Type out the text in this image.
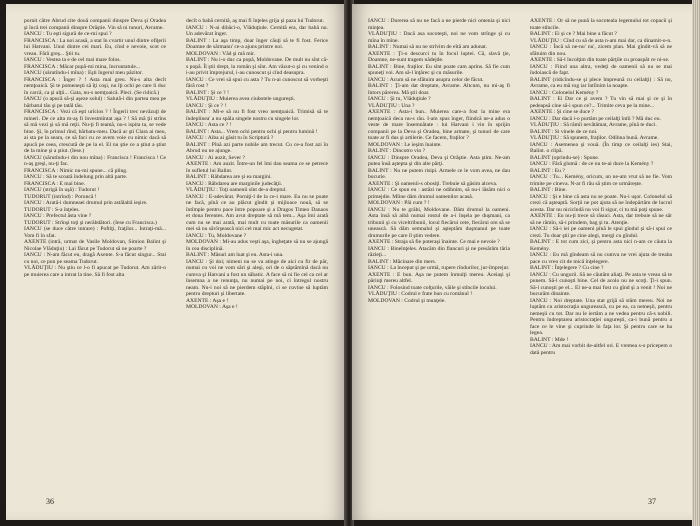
pornit către Abrud cite două companii dinspre Deva şi Oradea şi încă trei companii dinspre Orăştie. Vin să ni tunuri, Avrame.

IANCU : Tu eşti sigură de ce-mi spui ?

FRANCISCA : La noi acasă, a stat în cvartir unul dintre ofiţerii lui Hatvani. Unul dintre cei mari. Eu, cînd e nevoie, scot ce vreau. Fără greş... Ştii tu.

IANCU : Vestea ta e de cel mai mare folos.

FRANCISCA : Măcar pupă-mi mina, încruntatule...

IANCU (sărutîndu-i mîna) : Eşti îngerul meu păzitor.

FRANCISCA : Înger ? ! Asta mai greu. Nu-s alta decît nemţoaică. Şi te pomeneşti să îţi coşi, nu îţi ochi pe care li duc în carcă, ca şi alţii... Gata, nu-s nemţoaică. Pleci. (Se ridică.)

IANCU (o apucă să-şi aşeze solul) : Salută-i din partea mea pe bărbatul tău şi pe tatăl tău.

FRANCISCA : Vezi că eşti urîcios ? ! Îngerii trec nevăzuţi de mineri. De ce alta m-aş fi învestmîntat aşa ? ! Să mă ţii strîns să mă vezi şi să mă reţii. Nu-ţi fi teamă, nu-s ispita ta, se vede bine. Şi, în primul rînd, bărbatu-meu. Dacă ar şti Clara ai meu, ai sta pe la seara, ce să faci cu ce avem voie cu nimic dacă să apucă pe ceea, crescută de pe la el. El nu ştie ce a ştiut a ştiut de la mine şi a ştiut. (Iese.)

IANCU (sărutîndu-i din nou mîna) : Francisca ! Francisca ! Ce n-aş greşi, nu-ţi fac.

FRANCISCA : Nimic nu-mi spune... că pling.

IANCU : Să te scoată îndelung prin altă parte.

FRANCISCA : E mai bine.

IANCU (strigă în uşă) : Tudorut !

TUDORUT (intrînd) : Poruncă !

IANCU : Arată-i dumneaei drumul prin astălaltă ieşire.

TUDORUT : S-a înţeles.

IANCU : Prefectul ăsta vine ?

TUDORUT : Strînşi toţi şi nerăbdători. (Iese cu Francisca.)

IANCU (se duce către intrare) : Poftiţi, fraţilor... Intraţi-mă... Vom fi în sfat.

AXENTE (intră, urmat de Vasile Moldovan, Simion Balint şi Nicolae Vlăduţiu) : Lai făcut pe Tudorut să ne poarte ?

IANCU : N-am făcut eu, dragă Axente. S-a făcut singur... Stai cu noi, ce pun pe seama Tudorut.

VLĂDUŢIU : Nu ştiu ce l-o fi apucat pe Tudorut. Am zărit-o pe muierea care a intrat la tine. Să fi fost alta

decît o babă cernită, aş mai fi înţeles grija şi paza lui Tudorut.

IANCU : N-ai dibăci-o, Vlăduţiule. Cernită era, dar babă nu. Un adevărat înger.

BALINT : La aşa timp, doar înger căuţi să te fi fost. Ferice Doamne de sărmanu' ce-a ajuns printre noi.

MOLDOVAN : Văd şi mă mir.

BALINT : Nu i-o duc ca popă, Moldovane. De mult nu sînt că-s popă. Îl ştii drept, la român şi sînt. Am văzut-o şi cu venind o i-au privit împrejurul, i-au cunoscut şi cînd deasupra.

IANCU : Ce vrei să spui cu asta ? Tu n-ai cunoscut să vorbeşti fără rost ?

BALINT : Şi ce ? !

VLĂDUŢIU : Muierea avea ciubotele ungureşti.

IANCU : Şi ce ? !

BALINT : Mi-e să nu fi fost vreo nemţoaică. Trimisă să te îndeplinea' a nu spăla singele nostru cu singele lor.

IANCU : Asta ce ? !

BALINT : Asta... Vrem ochi pentru ochi şi pentru lumină !

IANCU : Aiba ai găsit tu în Scriptură ?

BALINT : Pînă azi parte nobile am trecut. Cu ce-a fost azi în Abrud nu ne ajunge.

IANCU : Ai auzit, Sever ?

AXENTE : Am auzit. Între-un fel îmi dau seama ce se petrece în sufletul lui Balint.

BALINT : Răbdarea are şi ea margini.

IANCU : Răbdarea are marginile judecăţii.

VLĂDUŢIU : Toţi oamenii sînt de-a dreptul.

IANCU : E-adevărat. Porniţi-l de la ce-i mare. Eu nu se poate ne facă, pînă ce au plăcut gîndit şi mijloace nouă, să se întîmple pentru pace între popoare şi a Dragos Timeo Danaos et dona ferentes. Am avut dreptate să mă tem... Aşa îmi arată cum nu se mai arată, mai mult cu toate măsurile ca oamenii mei să nu săvîrşească nici cel mai mic act necugetat.

IANCU : Tu, Moldovane ?

MOLDOVAN : Mi-au adus veşti aşa, îngheţate să nu se ajungă în cea disciplină.

BALINT : Măsuri am luat şi eu. Asta-i una.

IANCU : Şi doi; nimeni nu se va atinge de aici cu fir de păr, numai cu voi ne vom sări şi aleşi, ori de o săptămînă dacă nu cumva şi Hatvani a fost un săbatic. A face să ni fie cel ca cel ar însemna a ne renunţa, nu numai pe noi, ci întregul nostru neam. Nu-i noi să ne pierdem stăpîni, ci se cuvine să luptăm pentru drepturi şi libertate.

AXENTE : Aşa e !

MOLDOVAN : Aşa e !

36

IANCU : Durerea să nu ne facă a ne pierde nici omenia şi nici minţea.

VLĂDUŢIU : Dacă asa socoteşti, noi ne vom strînge şi cu mîna în mîne.

BALINT : Numai să nu ne strîvim de eîtă am adunat.

AXENTE : Ţi-o descurci tu în focul luptei. Că, slavă ţie, Doamne, ne-sunt tragem nădejde.

BALINT : Bine, fraţilor. Eu sînt poate cam aprins. Să fie cum spuneţi voi. Am să-l înţărec şi cu măsurile.

IANCU : Acum să ne sfătuim asupra celor de făcut.

BALINT : Ţi-am dat dreptate, Avrame. Altcum, nu mi-aş fi întors părerea. Mă ştii doar.

IANCU : Şi tu, Vlăduţiule ?

VLĂDUŢIU : Una ?

AXENTE : Asta-i bun.. Muierea care-a fost la mine era nemţoaică deca nu-s rău. I-am spus înger, fiindcă ne-a adus o veste de mare însemnătate : lui Hatvani i vin în sprijin companii pe la Deva şi Oradea, bine armate, şi tunuri de care toate ar fi dus şi artilerie. Ce facem, fraţilor ?

MOLDOVAN : Le ieşim înainte.

BALINT : Dincotro vin ?

IANCU : Dinspre Oradea, Deva şi Orăştie. Asta ştim. Ne-am putea însă aştepta şi din alte părţi.

BALINT : Nu ne putem risipi. Armele ce le vom avea, ne dau bucurie.

AXENTE : Şi oamenii-s obosiţi. Trebuie să găsim alceva.

IANCU : Ce spun eu : astăzi ne odihnim, să nu-i lăsăm nici o primejdie. Mîine dăm drumul oamenilor acasă.

MOLDOVAN : Păi cum ? !

IANCU : Nu te grăbi, Moldovane. Dăm drumul la oameni. Asta însă să aibă numai rostul de a-i înşela pe duşmani, ca tribunii şi cu viceltribunii, locul fiecărui cete, fiecărui om să se unească. Să dăm semnalul şi aşteptăm duşmanul pe toate drumurile pe care îl ştim vedere.

AXENTE : Straja să fie poteraşi înainte. Ce mai e nevoie ?

IANCU : Bineînţeles. Atacăm din flancuri şi ne presărăm tăria răzleţi...

BALINT : Măcinare din mers.

IANCU : La început şi pe urmă, rupere rîndurilor, jur-împrejur.

AXENTE : E bun. Aşa ne putem înmulţi mereu. Aceiaşi şi părinţi mereu altfel.

IANCU : Folosind toate colţurile, văile şi stîncile locului.

VLĂDUŢIU : Codrul e frate bun cu românul !

MOLDOVAN : Codrul şi munţele.

AXENTE : Or să ne pună la socoteala legemului tot copacii şi toate stîncile.

BALINT : Ei şi ce ? Mai bine a făcut ?

VLĂDUŢIU : Cînd cu să de asta n-am mai dar, ca dinamit-o-n.

IANCU : Încă să ne-nu' nu', zicem plan. Mai gîndit-vă să ne sfătuim din nou.

AXENTE : Să-l încolţim din toate părţile cu proaspăt ce ni-se.

IANCU : Fiind una altra, vedeţi de oamenii să nu se mai îndoiască de fapt.

BALINT (ridicîndu-se şi plece împreună cu ceilalţi) : Să nu, Avrame, ca eu mă rog iar întîlnim la noapte.

IANCU : Colonelul Kemény ?

BALINT : Ei Dar ce şi avem ? Tu vin să mai şi ce şi în pedeapsă cine să-i spun ce?... Trimite ceva pe la mine...

AXENTE : Şi cine se duce ?

IANCU : Dar dacă i-o purtăm pe ceilalţi întîi ? Mă duc eu.

VLĂDUŢIU : Să rămîi nevătămat, Avrame, pînă te duci.

BALINT : Si vinele de ce noi.

VLĂDUŢIU : Să spunem, fraţilor. Odihna bună. Avrame.

IANCU : Asemenea şi vouă. (În timp ce ceilalţi ies) Stai, Balint. o clipă.

BALINT (oprindu-se) : Spune.

IANCU : Fără glumă : de ce nu te-ai duce la Kemény ?

BALINT : Eu ?

IANCU : Tu... Kemény, oricum, un ne-am vrut să ne fie. Vom trimite pe cineva. N-ar fi rău să știm ce urmărește.

BALINT : Bine.

IANCU : Şi e bine că asta nu se poate. Nu-i uşor. Colonelul să crezi că aşteaptă. Sorţii ne pot ajuta să ne îndepărtăm de lucrul acesta. Dar nu nicicîndă nu voi fi sigur, ci tu mă poţi spune.

AXENTE : Eu nu-ţi trece să răsuci. Asta, dar trebuie să ne săr să ne rămîn, să-i prindem, bag şi tu. Atenţie.

IANCU : Să-i iei pe oameni pînă le spui gîndul şi să-i spui ce crezi. Tu doar ştii pe cine alegi, mergi cu gîndul.

BALINT : E tot cum zici, şi pentru asta nici n-am ce căuta la Kemény.

IANCU : Eu mă gîndeam să nu cumva ne vrei ajuta de treaba pace cu vreo cit de mică înţelegere.

BALINT : Înţelegere ? Cu cine ?

IANCU : Cu ungurii. Să ne căutăm aliaţi. Pe asta te vreau să te punem. Să-l cunoşti bine. Cel de acolo nu ne scoţi. Ţi-i spun. Să-l cunoşti pe el... El ne-a mai fost cu gînd şi a venit ! Noi ne bucurăm dinainte.

IANCU : Noi dreptate. Una stat grijă să stăm mereu. Noi ne luptăm cu aristocraţia ungurească, cu pe ea, ca nemeşii, pentru nemeşii cu tot. Dar nu le iertăm a ne vedea pentru că-s nobili. Pentru îndreptarea aristocraţiei ungureşti, ca-i bună pentru a face ce le vine şi cuprinde în faţa lor. Şi pentru care se ba legea.

BALINT : Mde !

IANCU : Am mai vorbit de-altfel ori. E vremea s-o pricepem o dată pentru

37
